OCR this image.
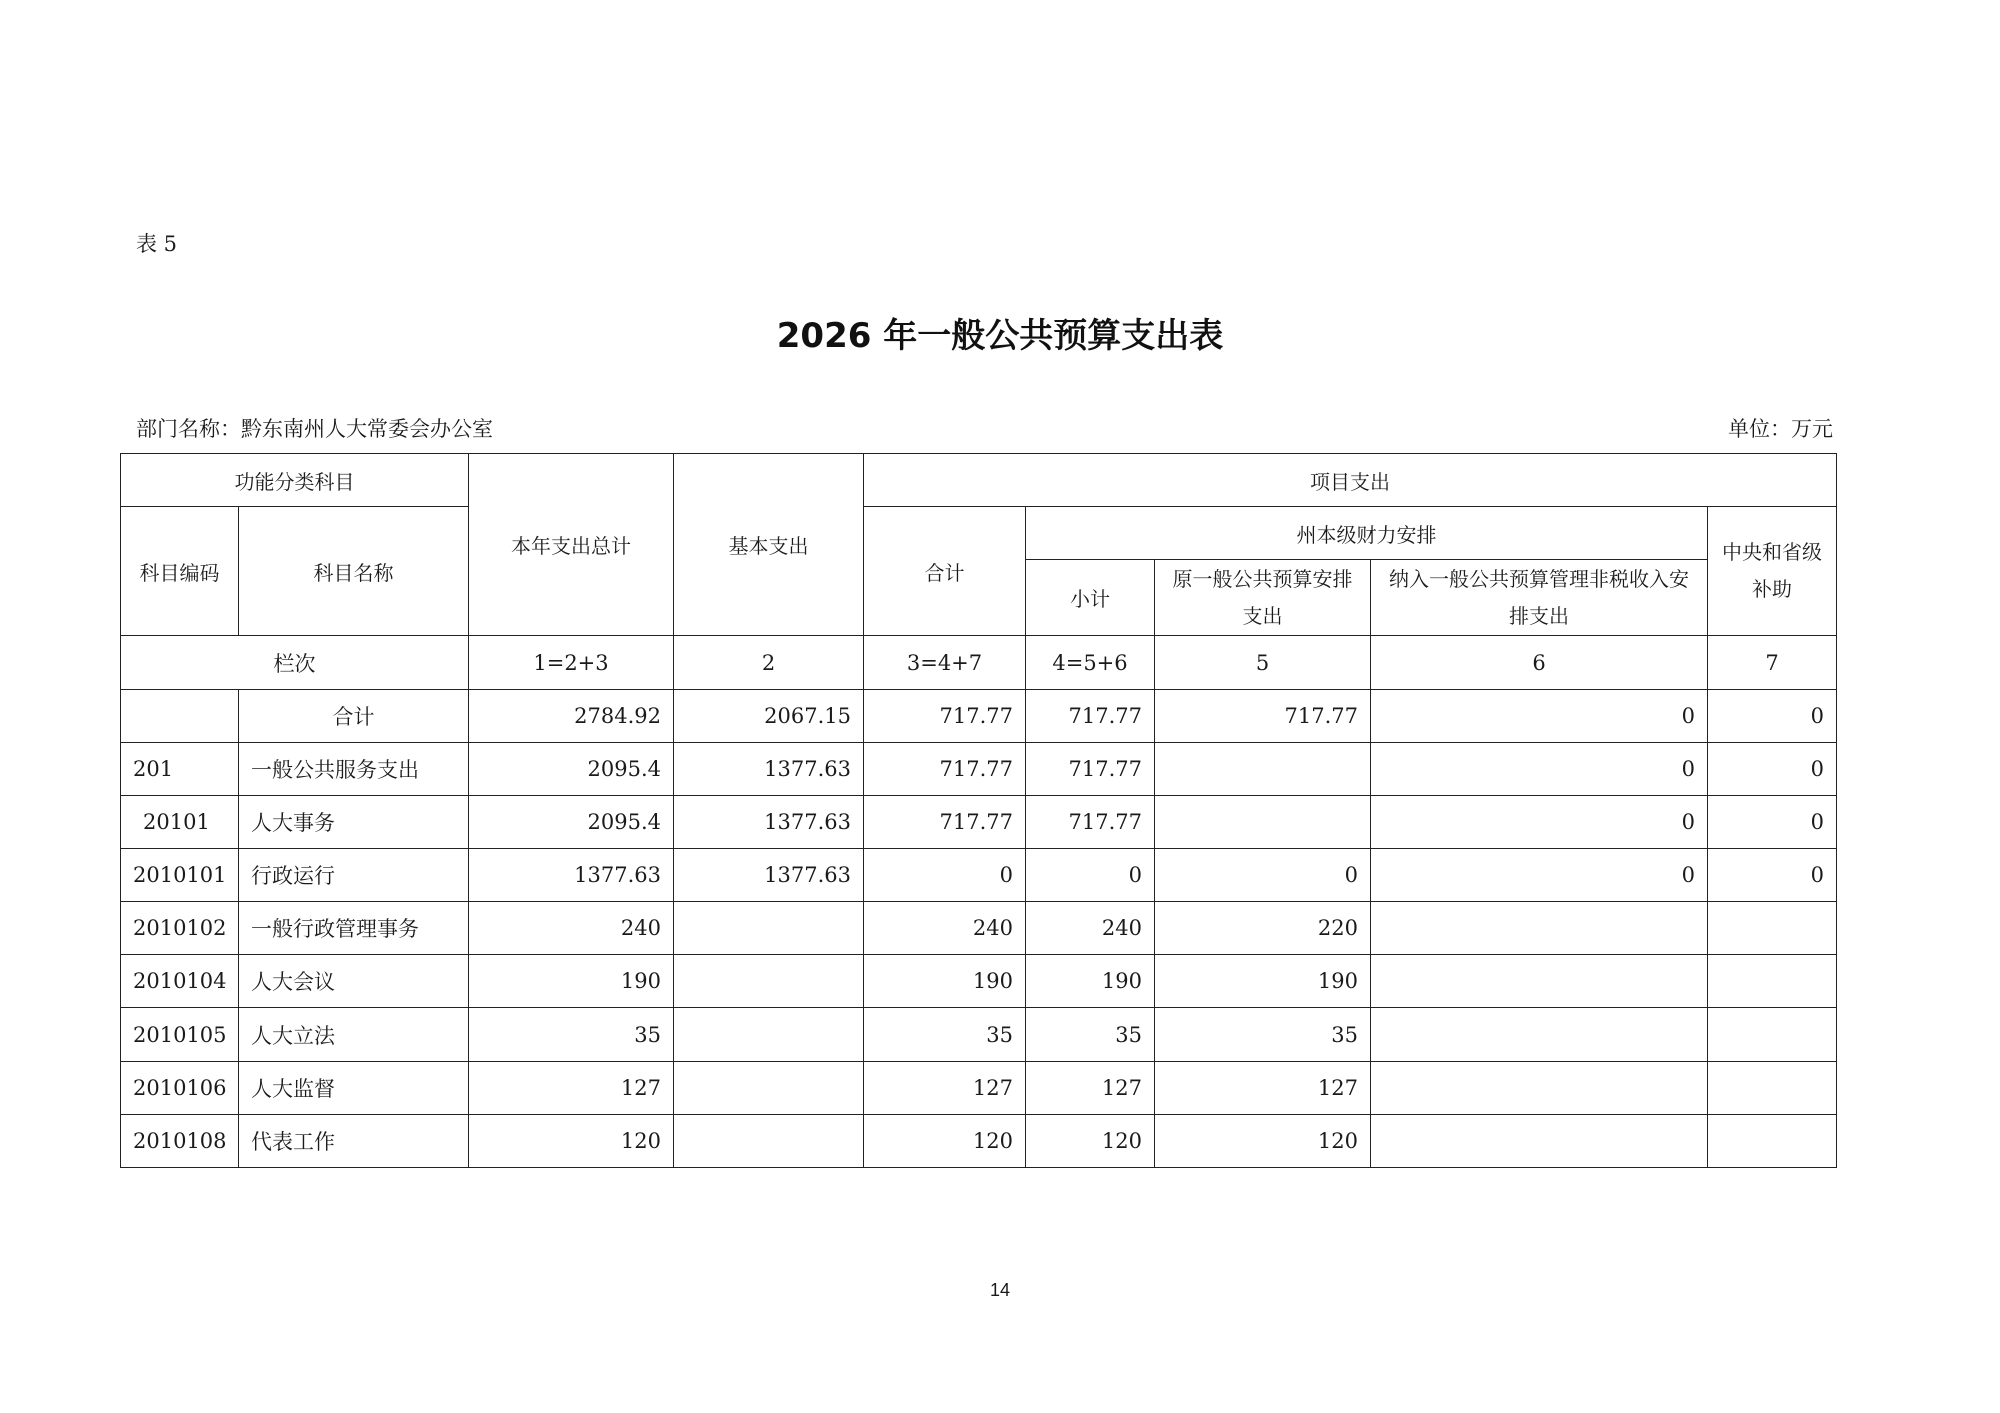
表 5
2026 年一般公共预算支出表
部门名称：黔东南州人大常委会办公室	单位：万元
功能分类科目		本年支出总计	基本支出	项目支出				
科目编码	科目名称			合计	州本级财力安排			中央和省级补助
					小计	原一般公共预算安排支出	纳入一般公共预算管理非税收入安排支出	
栏次		1=2+3	2	3=4+7	4=5+6	5	6	7
	合计	2784.92	2067.15	717.77	717.77	717.77	0	0
201	一般公共服务支出	2095.4	1377.63	717.77	717.77		0	0
20101	人大事务	2095.4	1377.63	717.77	717.77		0	0
2010101	行政运行	1377.63	1377.63	0	0	0	0	0
2010102	一般行政管理事务	240		240	240	220		
2010104	人大会议	190		190	190	190		
2010105	人大立法	35		35	35	35		
2010106	人大监督	127		127	127	127		
2010108	代表工作	120		120	120	120		
14
